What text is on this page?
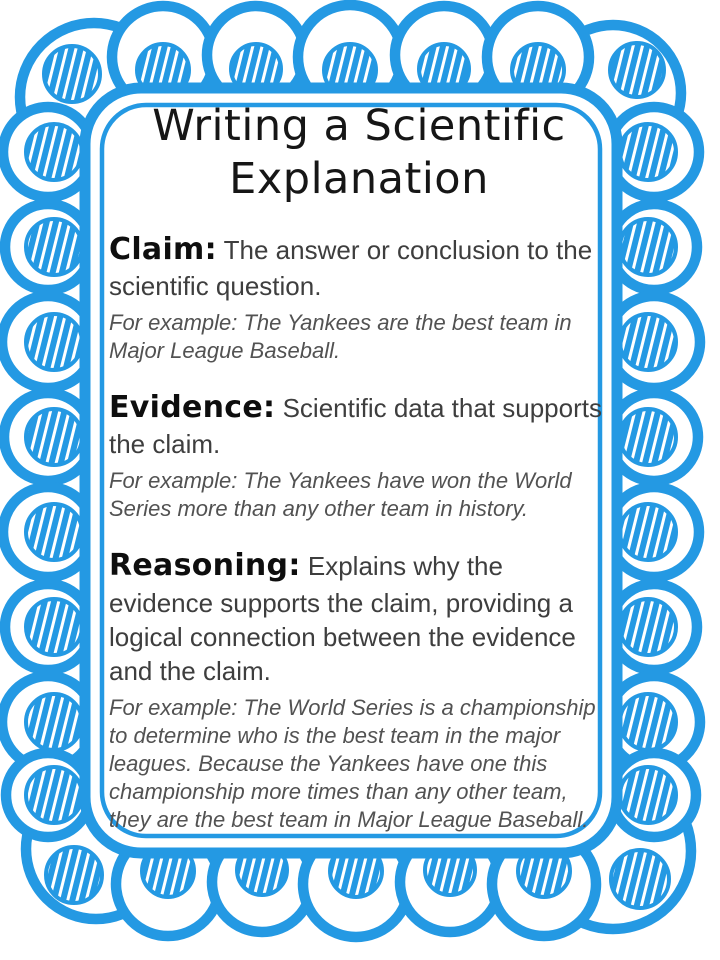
Writing a Scientific
Explanation

Claim: The answer or conclusion to the scientific question.

For example: The Yankees are the best team in Major League Baseball.

Evidence: Scientific data that supports the claim.

For example: The Yankees have won the World Series more than any other team in history.

Reasoning: Explains why the evidence supports the claim, providing a logical connection between the evidence and the claim.

For example: The World Series is a championship to determine who is the best team in the major leagues. Because the Yankees have one this championship more times than any other team, they are the best team in Major League Baseball.
